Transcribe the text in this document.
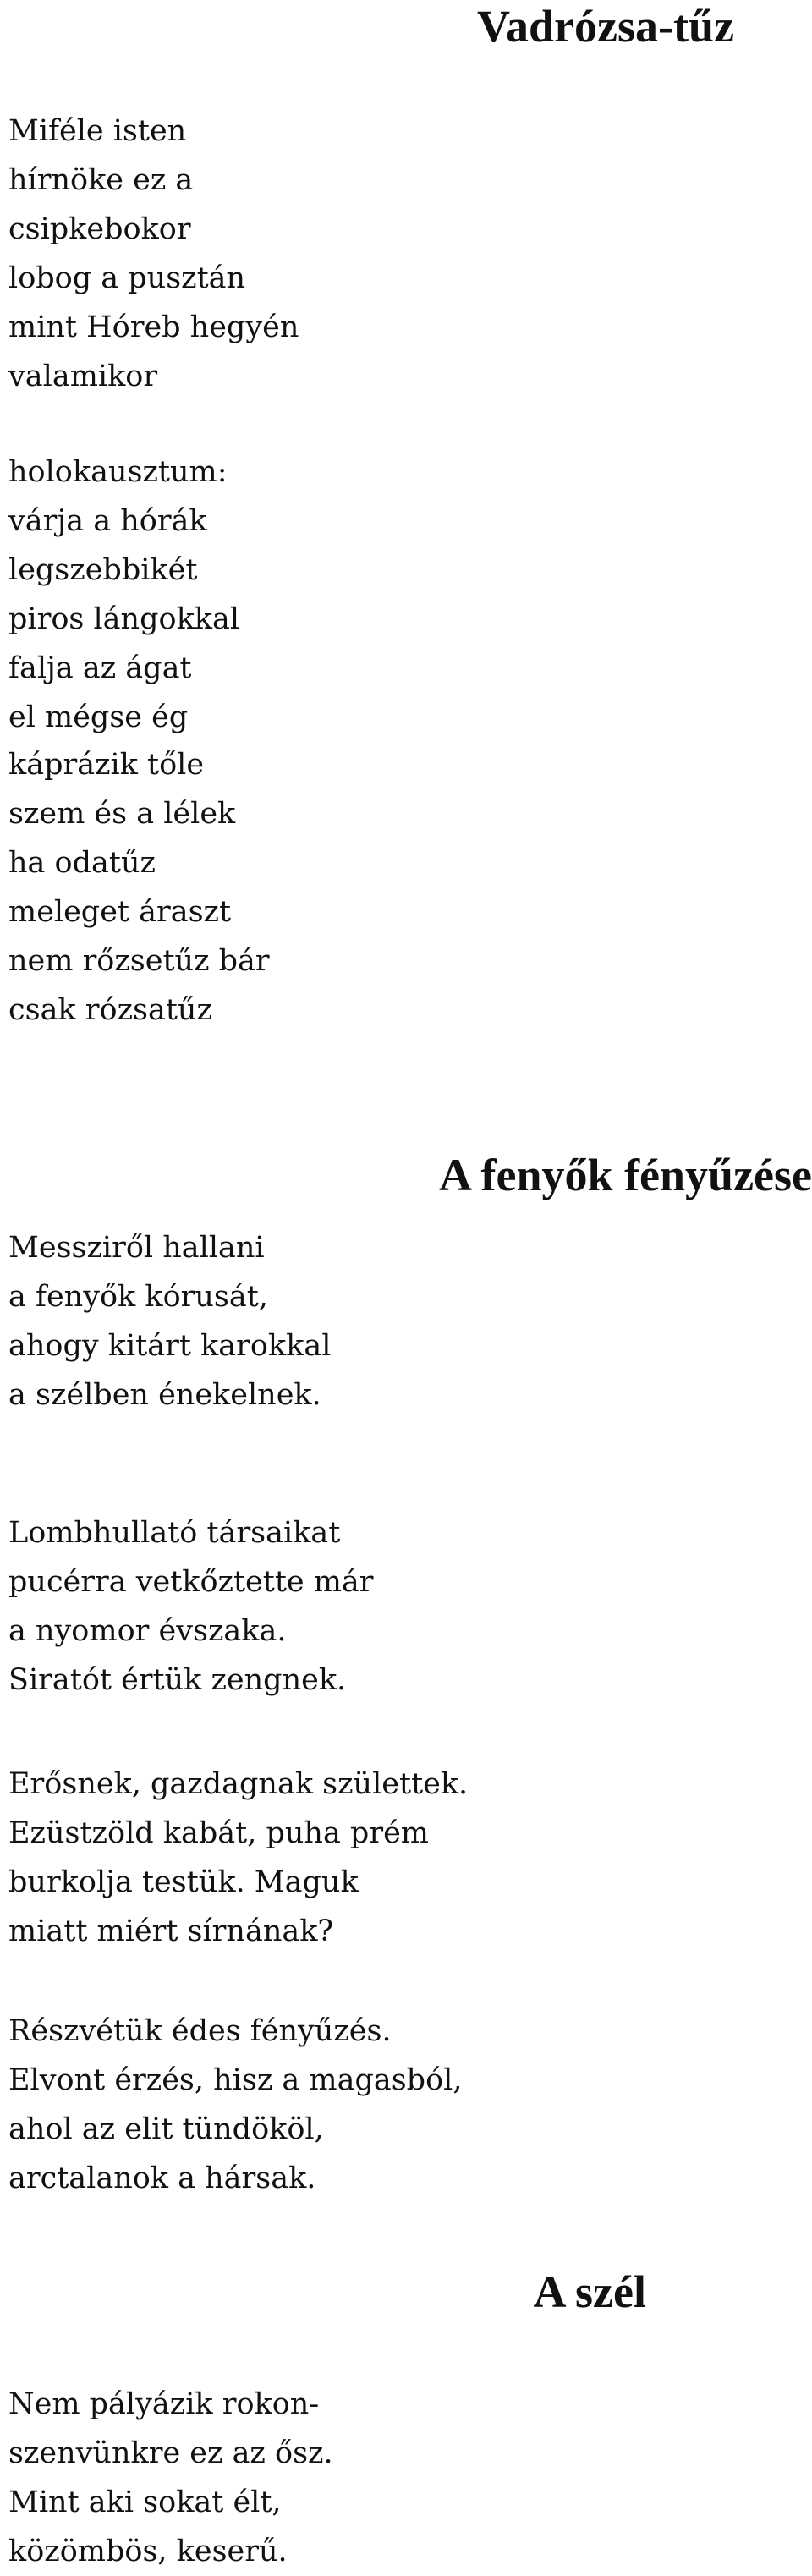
Vadrózsa-tűz
Miféle isten
hírnöke ez a
csipkebokor
lobog a pusztán
mint Hóreb hegyén
valamikor
holokausztum:
várja a hórák
legszebbikét
piros lángokkal
falja az ágat
el mégse ég
káprázik tőle
szem és a lélek
ha odatűz
meleget áraszt
nem rőzsetűz bár
csak rózsatűz
A fenyők fényűzése
Messziről hallani
a fenyők kórusát,
ahogy kitárt karokkal
a szélben énekelnek.
Lombhullató társaikat
pucérra vetkőztette már
a nyomor évszaka.
Siratót értük zengnek.
Erősnek, gazdagnak születtek.
Ezüstzöld kabát, puha prém
burkolja testük. Maguk
miatt miért sírnának?
Részvétük édes fényűzés.
Elvont érzés, hisz a magasból,
ahol az elit tündököl,
arctalanok a hársak.
A szél
Nem pályázik rokon-
szenvünkre ez az ősz.
Mint aki sokat élt,
közömbös, keserű.
